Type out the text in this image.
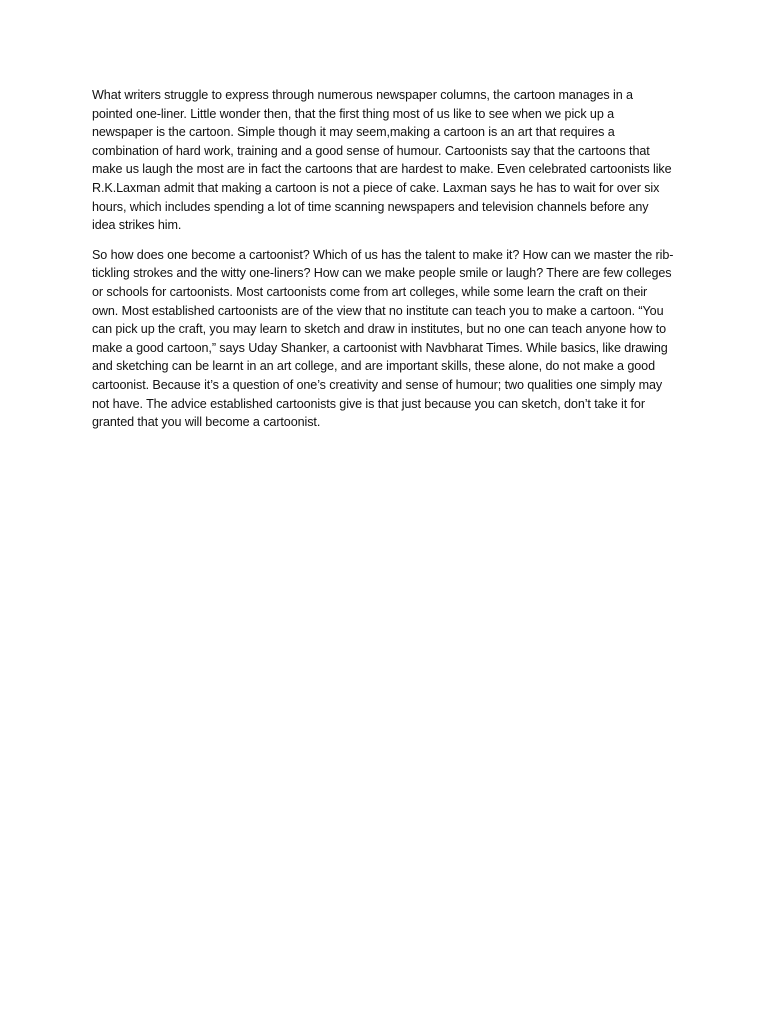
What writers struggle to express through numerous newspaper columns, the cartoon manages in a pointed one-liner. Little wonder then, that the first thing most of us like to see when we pick up a newspaper is the cartoon. Simple though it may seem,making a cartoon is an art that requires a combination of hard work, training and a good sense of humour. Cartoonists say that the cartoons that make us laugh the most are in fact the cartoons that are hardest to make. Even celebrated cartoonists like R.K.Laxman admit that making a cartoon is not a piece of cake. Laxman says he has to wait for over six hours, which includes spending a lot of time scanning newspapers and television channels before any idea strikes him.

So how does one become a cartoonist? Which of us has the talent to make it? How can we master the rib-tickling strokes and the witty one-liners? How can we make people smile or laugh? There are few colleges or schools for cartoonists. Most cartoonists come from art colleges, while some learn the craft on their own. Most established cartoonists are of the view that no institute can teach you to make a cartoon. “You can pick up the craft, you may learn to sketch and draw in institutes, but no one can teach anyone how to make a good cartoon,” says Uday Shanker, a cartoonist with Navbharat Times. While basics, like drawing and sketching can be learnt in an art college, and are important skills, these alone, do not make a good cartoonist. Because it’s a question of one’s creativity and sense of humour; two qualities one simply may not have. The advice established cartoonists give is that just because you can sketch, don’t take it for granted that you will become a cartoonist.
